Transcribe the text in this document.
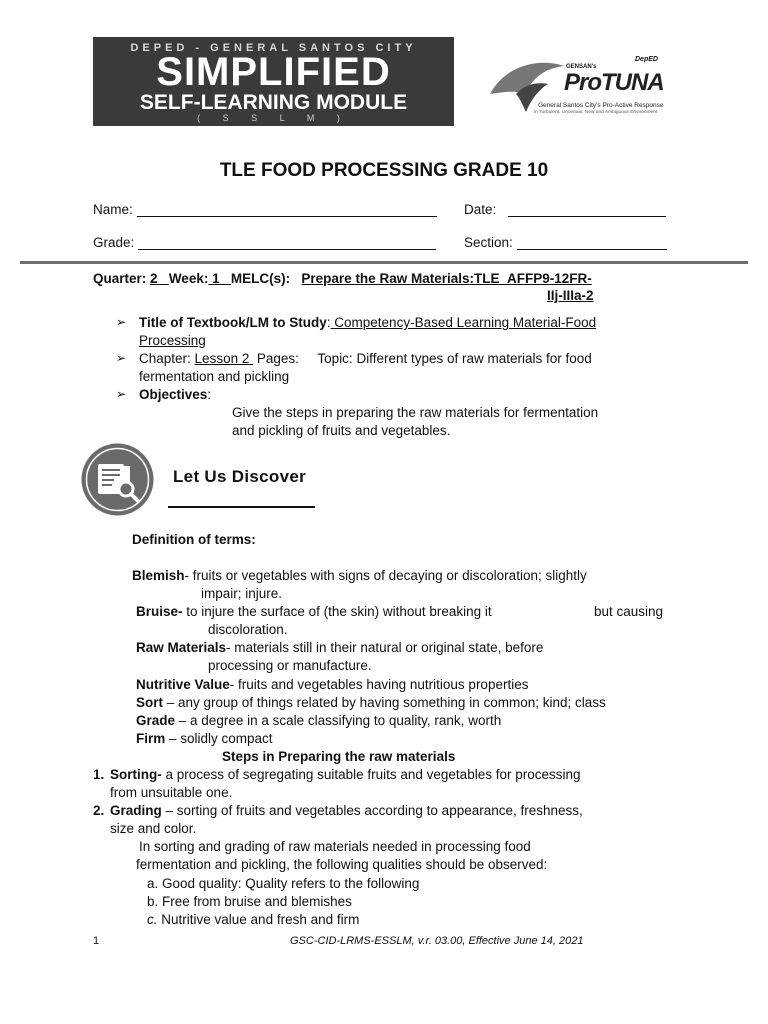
DEPED - GENERAL SANTOS CITY
SIMPLIFIED
SELF-LEARNING MODULE
( S S L M )
GENSAN's
DepED
ProTUNA
General Santos City's Pro-Active Response
in Turbulent, Uncertain, New and Ambiguous Environment
TLE FOOD PROCESSING GRADE 10
Name:	Date:
Grade:	Section:
Quarter: 2 Week: 1 MELC(s): Prepare the Raw Materials:TLE_AFFP9-12FR-
IIj-IIIa-2
➢ Title of Textbook/LM to Study: Competency-Based Learning Material-Food
Processing
➢ Chapter: Lesson 2 Pages: Topic: Different types of raw materials for food
fermentation and pickling
➢ Objectives:
Give the steps in preparing the raw materials for fermentation
and pickling of fruits and vegetables.
Let Us Discover
Definition of terms:
Blemish- fruits or vegetables with signs of decaying or discoloration; slightly
impair; injure.
Bruise- to injure the surface of (the skin) without breaking it	but causing
discoloration.
Raw Materials- materials still in their natural or original state, before
processing or manufacture.
Nutritive Value- fruits and vegetables having nutritious properties
Sort – any group of things related by having something in common; kind; class
Grade – a degree in a scale classifying to quality, rank, worth
Firm – solidly compact
Steps in Preparing the raw materials
1. Sorting- a process of segregating suitable fruits and vegetables for processing
from unsuitable one.
2. Grading – sorting of fruits and vegetables according to appearance, freshness,
size and color.
In sorting and grading of raw materials needed in processing food
fermentation and pickling, the following qualities should be observed:
a. Good quality: Quality refers to the following
b. Free from bruise and blemishes
c. Nutritive value and fresh and firm
1	GSC-CID-LRMS-ESSLM, v.r. 03.00, Effective June 14, 2021
